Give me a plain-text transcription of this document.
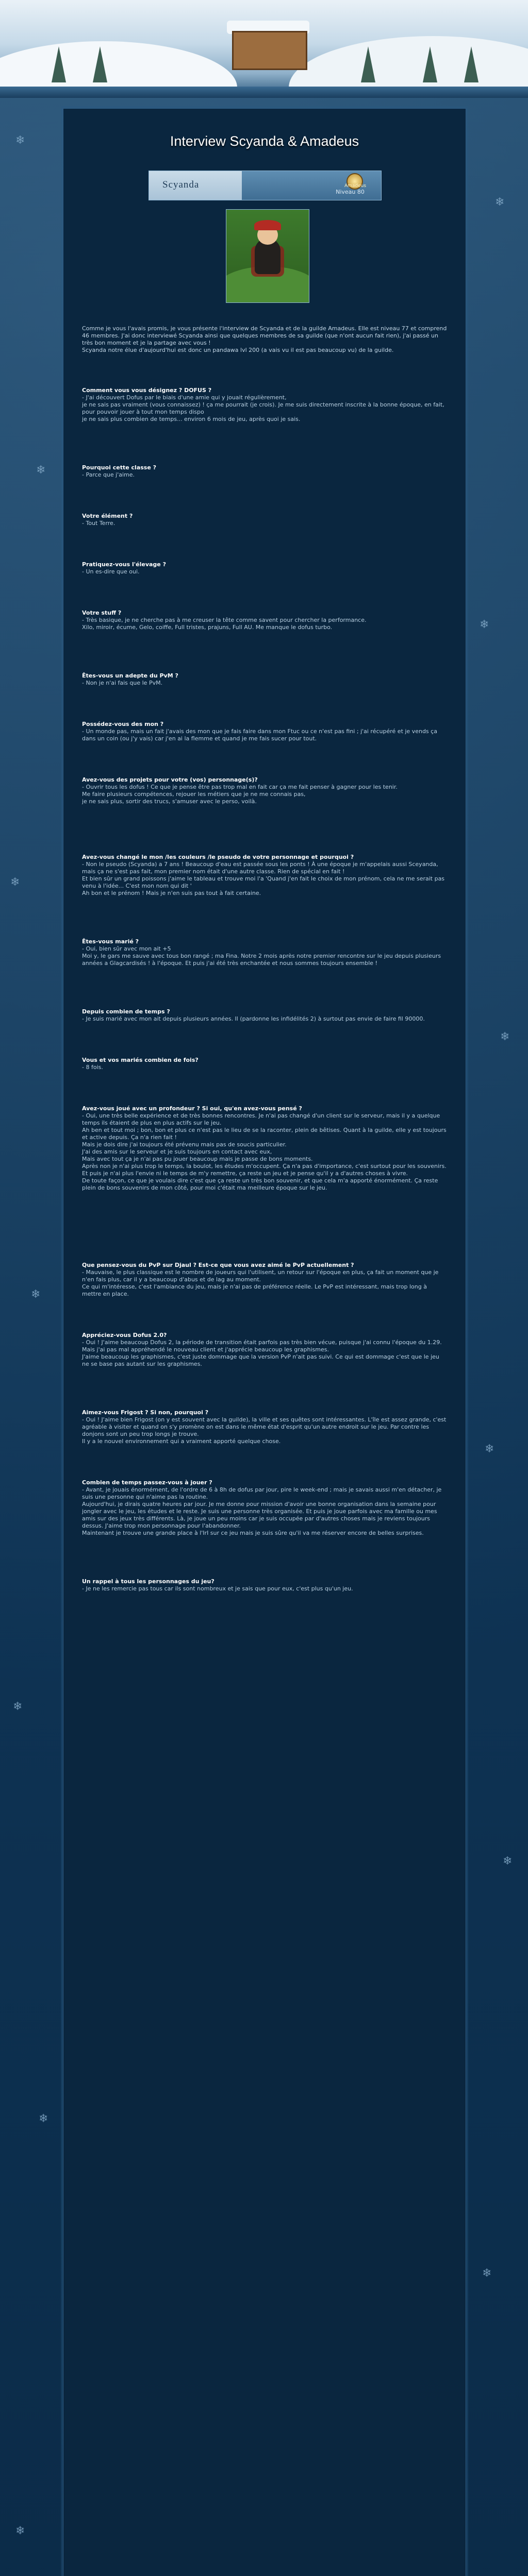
❄
❄
❄
❄
❄
❄
❄
❄
❄
❄
❄
❄
❄
Interview Scyanda & Amadeus
Scyanda	Amadeus
Niveau 80
Comme je vous l'avais promis, je vous présente l'interview de Scyanda et de la guilde Amadeus. Elle est niveau 77 et comprend 46 membres. J'ai donc interviewé Scyanda ainsi que quelques membres de sa guilde (que n'ont aucun fait rien), j'ai passé un très bon moment et je la partage avec vous !
Scyanda notre élue d'aujourd'hui est donc un pandawa lvl 200 (a vais vu il est pas beaucoup vu) de la guilde.
Comment vous vous désignez ? DOFUS ?
- J'ai découvert Dofus par le biais d'une amie qui y jouait régulièrement,
je ne sais pas vraiment (vous connaissez) ! ça me pourrait (je crois). Je me suis directement inscrite à la bonne époque, en fait, pour pouvoir jouer à tout mon temps dispo
je ne sais plus combien de temps... environ 6 mois de jeu, après quoi je sais.
Pourquoi cette classe ?
- Parce que j'aime.
Votre élément ?
- Tout Terre.
Pratiquez-vous l'élevage ?
- Un es-dire que oui.
Votre stuff ?
- Très basique, je ne cherche pas à me creuser la tête comme savent pour chercher la performance.
Xilo, miroir, écume, Gelo, coiffe, Full tristes, prajuns, Full AU. Me manque le dofus turbo.
Êtes-vous un adepte du PvM ?
- Non je n'ai fais que le PvM.
Possédez-vous des mon ?
- Un monde pas, mais un fait j'avais des mon que je fais faire dans mon Ftuc ou ce n'est pas fini ; j'ai récupéré et je vends ça dans un coin (ou j'y vais) car j'en ai la flemme et quand je me fais sucer pour tout.
Avez-vous des projets pour votre (vos) personnage(s)?
- Ouvrir tous les dofus ! Ce que je pense être pas trop mal en fait car ça me fait penser à gagner pour les tenir.
Me faire plusieurs compétences, rejouer les métiers que je ne me connais pas,
je ne sais plus, sortir des trucs, s'amuser avec le perso, voilà.
Avez-vous changé le mon /les couleurs /le pseudo de votre personnage et pourquoi ?
- Non le pseudo (Scyanda) a 7 ans ! Beaucoup d'eau est passée sous les ponts ! À une époque je m'appelais aussi Sceyanda, mais ça ne s'est pas fait, mon premier nom était d'une autre classe. Rien de spécial en fait !
Et bien sûr un grand poissons j'aime le tableau et trouve moi l'a 'Quand j'en fait le choix de mon prénom, cela ne me serait pas venu à l'idée... C'est mon nom qui dit '
Ah bon et le prénom ! Mais je n'en suis pas tout à fait certaine.
Êtes-vous marié ?
- Oui, bien sûr avec mon ait +5
Moi y, le gars me sauve avec tous bon rangé ; ma Fina. Notre 2 mois après notre premier rencontre sur le jeu depuis plusieurs années a Glagcardisés ! à l'époque. Et puis j'ai été très enchantée et nous sommes toujours ensemble !
Depuis combien de temps ?
- Je suis marié avec mon ait depuis plusieurs années. Il (pardonne les infidélités 2) à surtout pas envie de faire fil 90000.
Vous et vos mariés combien de fois?
- 8 fois.
Avez-vous joué avec un profondeur ? Si oui, qu'en avez-vous pensé ?
- Oui, une très belle expérience et de très bonnes rencontres. Je n'ai pas changé d'un client sur le serveur, mais il y a quelque temps ils étaient de plus en plus actifs sur le jeu.
Ah ben et tout moi ; bon, bon et plus ce n'est pas le lieu de se la raconter, plein de bêtises. Quant à la guilde, elle y est toujours et active depuis. Ça n'a rien fait !
Mais je dois dire j'ai toujours été prévenu mais pas de soucis particulier.
J'ai des amis sur le serveur et je suis toujours en contact avec eux,
Mais avec tout ça je n'ai pas pu jouer beaucoup mais je passe de bons moments.
Après non je n'ai plus trop le temps, la boulot, les études m'occupent. Ça n'a pas d'importance, c'est surtout pour les souvenirs.
Et puis je n'ai plus l'envie ni le temps de m'y remettre, ça reste un jeu et je pense qu'il y a d'autres choses à vivre.
De toute façon, ce que je voulais dire c'est que ça reste un très bon souvenir, et que cela m'a apporté énormément. Ça reste plein de bons souvenirs de mon côté, pour moi c'était ma meilleure époque sur le jeu.
Que pensez-vous du PvP sur Djaul ? Est-ce que vous avez aimé le PvP actuellement ?
- Mauvaise, le plus classique est le nombre de joueurs qui l'utilisent, un retour sur l'époque en plus, ça fait un moment que je n'en fais plus, car il y a beaucoup d'abus et de lag au moment.
Ce qui m'intéresse, c'est l'ambiance du jeu, mais je n'ai pas de préférence réelle. Le PvP est intéressant, mais trop long à mettre en place.
Appréciez-vous Dofus 2.0?
- Oui ! J'aime beaucoup Dofus 2, la période de transition était parfois pas très bien vécue, puisque j'ai connu l'époque du 1.29. Mais j'ai pas mal appréhendé le nouveau client et j'apprécie beaucoup les graphismes.
J'aime beaucoup les graphismes, c'est juste dommage que la version PvP n'ait pas suivi. Ce qui est dommage c'est que le jeu ne se base pas autant sur les graphismes.
Aimez-vous Frigost ? Si non, pourquoi ?
- Oui ! J'aime bien Frigost (on y est souvent avec la guilde), la ville et ses quêtes sont intéressantes. L'île est assez grande, c'est agréable à visiter et quand on s'y promène on est dans le même état d'esprit qu'un autre endroit sur le jeu. Par contre les donjons sont un peu trop longs je trouve.
Il y a le nouvel environnement qui a vraiment apporté quelque chose.
Combien de temps passez-vous à jouer ?
- Avant, je jouais énormément, de l'ordre de 6 à 8h de dofus par jour, pire le week-end ; mais je savais aussi m'en détacher, je suis une personne qui n'aime pas la routine.
Aujourd'hui, je dirais quatre heures par jour. Je me donne pour mission d'avoir une bonne organisation dans la semaine pour jongler avec le jeu, les études et le reste. Je suis une personne très organisée. Et puis je joue parfois avec ma famille ou mes amis sur des jeux très différents. Là, je joue un peu moins car je suis occupée par d'autres choses mais je reviens toujours dessus. J'aime trop mon personnage pour l'abandonner.
Maintenant je trouve une grande place à l'IrI sur ce jeu mais je suis sûre qu'il va me réserver encore de belles surprises.
Un rappel à tous les personnages du jeu?
- Je ne les remercie pas tous car ils sont nombreux et je sais que pour eux, c'est plus qu'un jeu.
